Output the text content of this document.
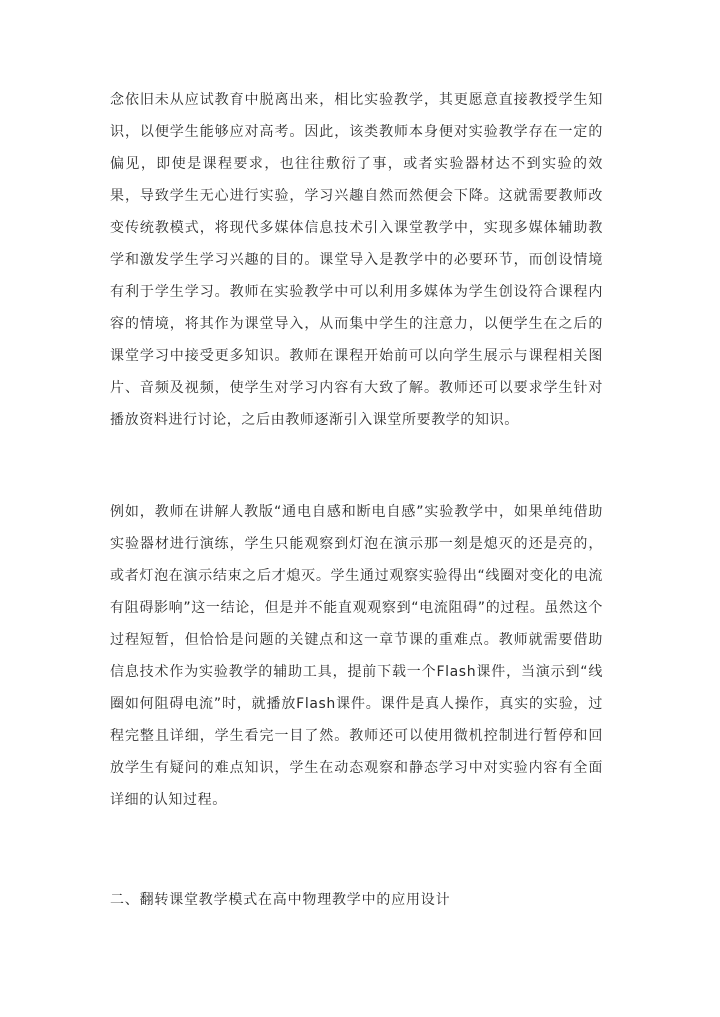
念依旧未从应试教育中脱离出来，相比实验教学，其更愿意直接教授学生知识，以便学生能够应对高考。因此，该类教师本身便对实验教学存在一定的偏见，即使是课程要求，也往往敷衍了事，或者实验器材达不到实验的效果，导致学生无心进行实验，学习兴趣自然而然便会下降。这就需要教师改变传统教模式，将现代多媒体信息技术引入课堂教学中，实现多媒体辅助教学和激发学生学习兴趣的目的。课堂导入是教学中的必要环节，而创设情境有利于学生学习。教师在实验教学中可以利用多媒体为学生创设符合课程内容的情境，将其作为课堂导入，从而集中学生的注意力，以便学生在之后的课堂学习中接受更多知识。教师在课程开始前可以向学生展示与课程相关图片、音频及视频，使学生对学习内容有大致了解。教师还可以要求学生针对播放资料进行讨论，之后由教师逐渐引入课堂所要教学的知识。

例如，教师在讲解人教版“通电自感和断电自感”实验教学中，如果单纯借助实验器材进行演练，学生只能观察到灯泡在演示那一刻是熄灭的还是亮的，或者灯泡在演示结束之后才熄灭。学生通过观察实验得出“线圈对变化的电流有阻碍影响”这一结论，但是并不能直观观察到“电流阻碍”的过程。虽然这个过程短暂，但恰恰是问题的关键点和这一章节课的重难点。教师就需要借助信息技术作为实验教学的辅助工具，提前下载一个Flash课件，当演示到“线圈如何阻碍电流”时，就播放Flash课件。课件是真人操作，真实的实验，过程完整且详细，学生看完一目了然。教师还可以使用微机控制进行暂停和回放学生有疑问的难点知识，学生在动态观察和静态学习中对实验内容有全面详细的认知过程。

二、翻转课堂教学模式在高中物理教学中的应用设计
